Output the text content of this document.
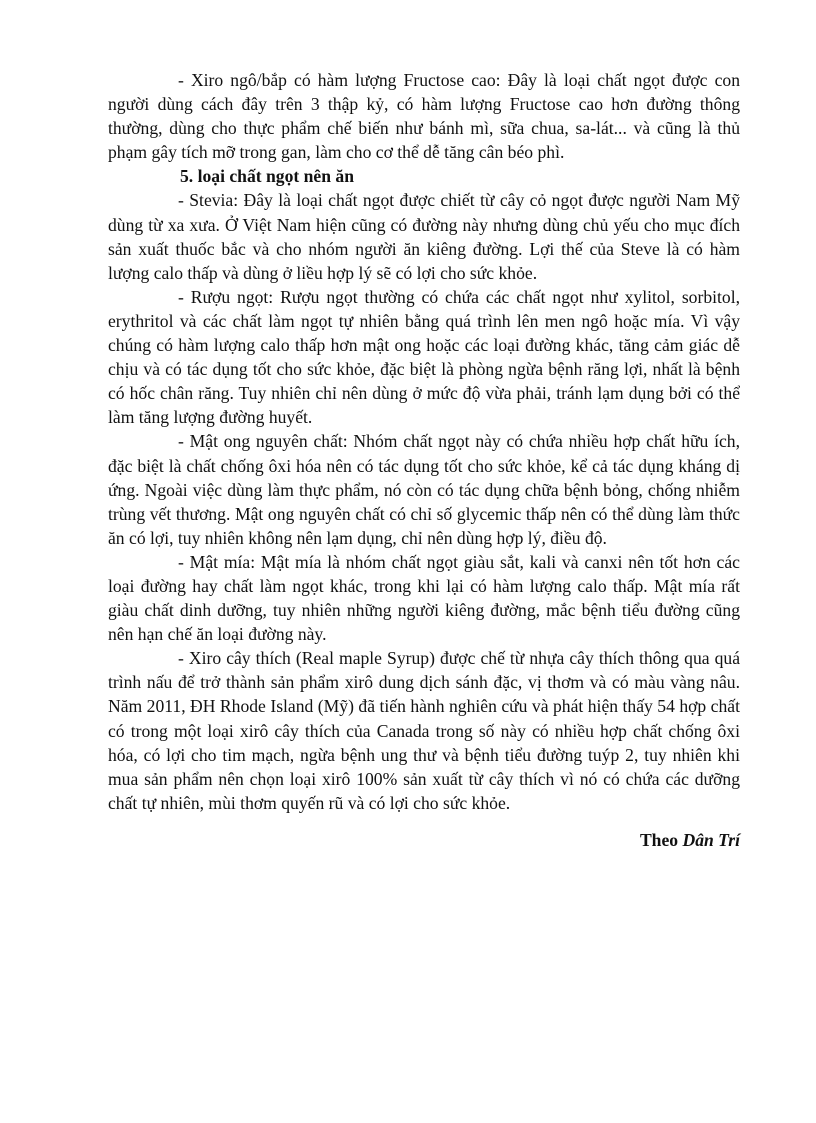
- Xiro ngô/bắp có hàm lượng Fructose cao: Đây là loại chất ngọt được con người dùng cách đây trên 3 thập kỷ, có hàm lượng Fructose cao hơn đường thông thường, dùng cho thực phẩm chế biến như bánh mì, sữa chua, sa-lát... và cũng là thủ phạm gây tích mỡ trong gan, làm cho cơ thể dễ tăng cân béo phì.

5. loại chất ngọt nên ăn

- Stevia: Đây là loại chất ngọt được chiết từ cây cỏ ngọt được người Nam Mỹ dùng từ xa xưa. Ở Việt Nam hiện cũng có đường này nhưng dùng chủ yếu cho mục đích sản xuất thuốc bắc và cho nhóm người ăn kiêng đường. Lợi thế của Steve là có hàm lượng calo thấp và dùng ở liều hợp lý sẽ có lợi cho sức khỏe.

- Rượu ngọt: Rượu ngọt thường có chứa các chất ngọt như xylitol, sorbitol, erythritol và các chất làm ngọt tự nhiên bằng quá trình lên men ngô hoặc mía. Vì vậy chúng có hàm lượng calo thấp hơn mật ong hoặc các loại đường khác, tăng cảm giác dễ chịu và có tác dụng tốt cho sức khỏe, đặc biệt là phòng ngừa bệnh răng lợi, nhất là bệnh có hốc chân răng. Tuy nhiên chỉ nên dùng ở mức độ vừa phải, tránh lạm dụng bởi có thể làm tăng lượng đường huyết.

- Mật ong nguyên chất: Nhóm chất ngọt này có chứa nhiều hợp chất hữu ích, đặc biệt là chất chống ôxi hóa nên có tác dụng tốt cho sức khỏe, kể cả tác dụng kháng dị ứng. Ngoài việc dùng làm thực phẩm, nó còn có tác dụng chữa bệnh bỏng, chống nhiễm trùng vết thương. Mật ong nguyên chất có chỉ số glycemic thấp nên có thể dùng làm thức ăn có lợi, tuy nhiên không nên lạm dụng, chỉ nên dùng hợp lý, điều độ.

- Mật mía: Mật mía là nhóm chất ngọt giàu sắt, kali và canxi nên tốt hơn các loại đường hay chất làm ngọt khác, trong khi lại có hàm lượng calo thấp. Mật mía rất giàu chất dinh dưỡng, tuy nhiên những người kiêng đường, mắc bệnh tiểu đường cũng nên hạn chế ăn loại đường này.

- Xiro cây thích (Real maple Syrup) được chế từ nhựa cây thích thông qua quá trình nấu để trở thành sản phẩm xirô dung dịch sánh đặc, vị thơm và có màu vàng nâu. Năm 2011, ĐH Rhode Island (Mỹ) đã tiến hành nghiên cứu và phát hiện thấy 54 hợp chất có trong một loại xirô cây thích của Canada trong số này có nhiều hợp chất chống ôxi hóa, có lợi cho tim mạch, ngừa bệnh ung thư và bệnh tiểu đường tuýp 2, tuy nhiên khi mua sản phẩm nên chọn loại xirô 100% sản xuất từ cây thích vì nó có chứa các dưỡng chất tự nhiên, mùi thơm quyến rũ và có lợi cho sức khỏe.

Theo Dân Trí
